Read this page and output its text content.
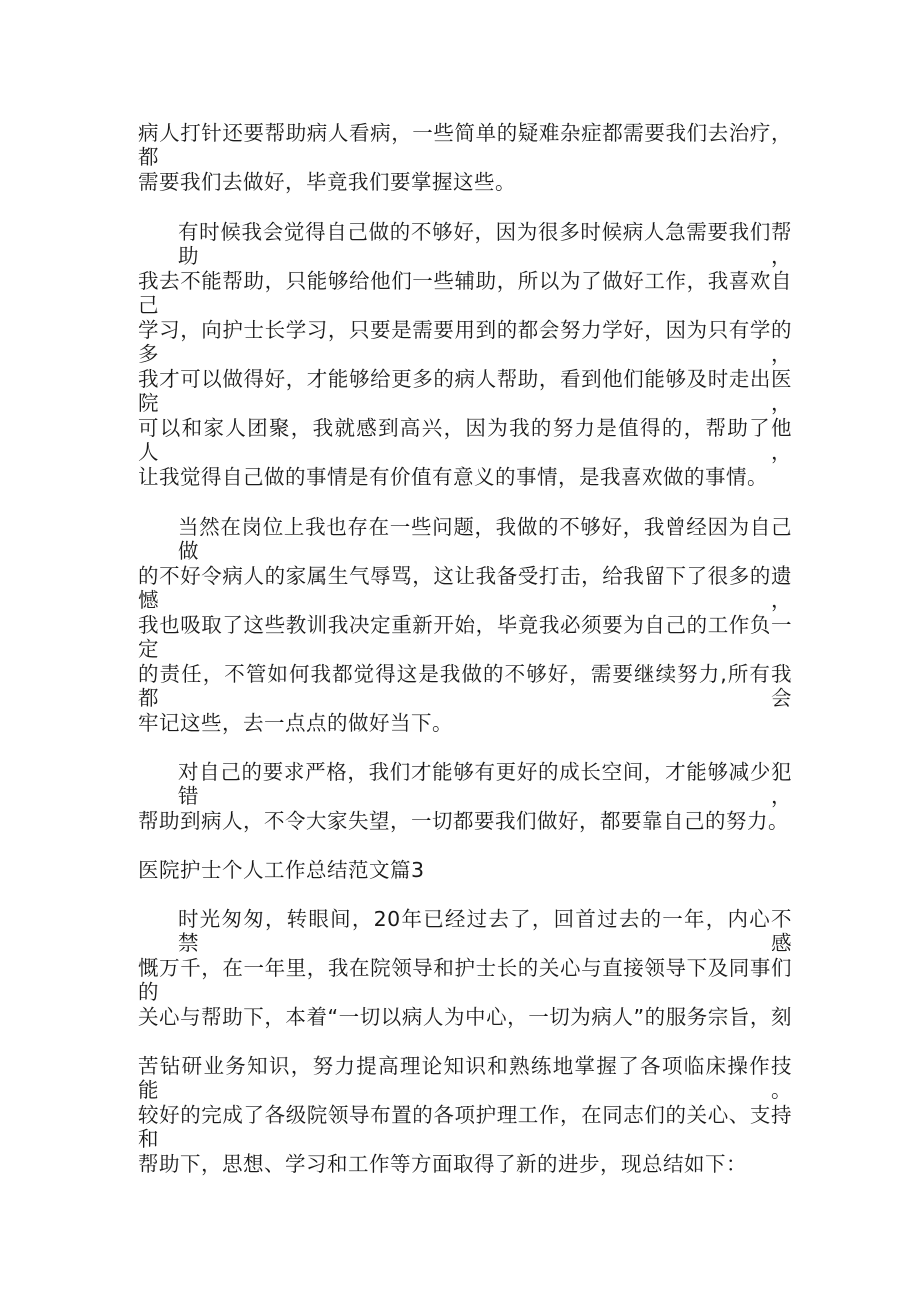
病人打针还要帮助病人看病，一些简单的疑难杂症都需要我们去治疗，都
需要我们去做好，毕竟我们要掌握这些。
有时候我会觉得自己做的不够好，因为很多时候病人急需要我们帮助，
我去不能帮助，只能够给他们一些辅助，所以为了做好工作，我喜欢自己
学习，向护士长学习，只要是需要用到的都会努力学好，因为只有学的多，
我才可以做得好，才能够给更多的病人帮助，看到他们能够及时走出医院，
可以和家人团聚，我就感到高兴，因为我的努力是值得的，帮助了他人，
让我觉得自己做的事情是有价值有意义的事情，是我喜欢做的事情。
当然在岗位上我也存在一些问题，我做的不够好，我曾经因为自己做
的不好令病人的家属生气辱骂，这让我备受打击，给我留下了很多的遗憾，
我也吸取了这些教训我决定重新开始，毕竟我必须要为自己的工作负一定
的责任，不管如何我都觉得这是我做的不够好，需要继续努力,所有我都会
牢记这些，去一点点的做好当下。
对自己的要求严格，我们才能够有更好的成长空间，才能够减少犯错，
帮助到病人，不令大家失望，一切都要我们做好，都要靠自己的努力。
医院护士个人工作总结范文篇3
时光匆匆，转眼间，20年已经过去了，回首过去的一年，内心不禁感
慨万千，在一年里，我在院领导和护士长的关心与直接领导下及同事们的
关心与帮助下，本着“一切以病人为中心，一切为病人”的服务宗旨，刻
苦钻研业务知识，努力提高理论知识和熟练地掌握了各项临床操作技能。
较好的完成了各级院领导布置的各项护理工作，在同志们的关心、支持和
帮助下，思想、学习和工作等方面取得了新的进步，现总结如下：
